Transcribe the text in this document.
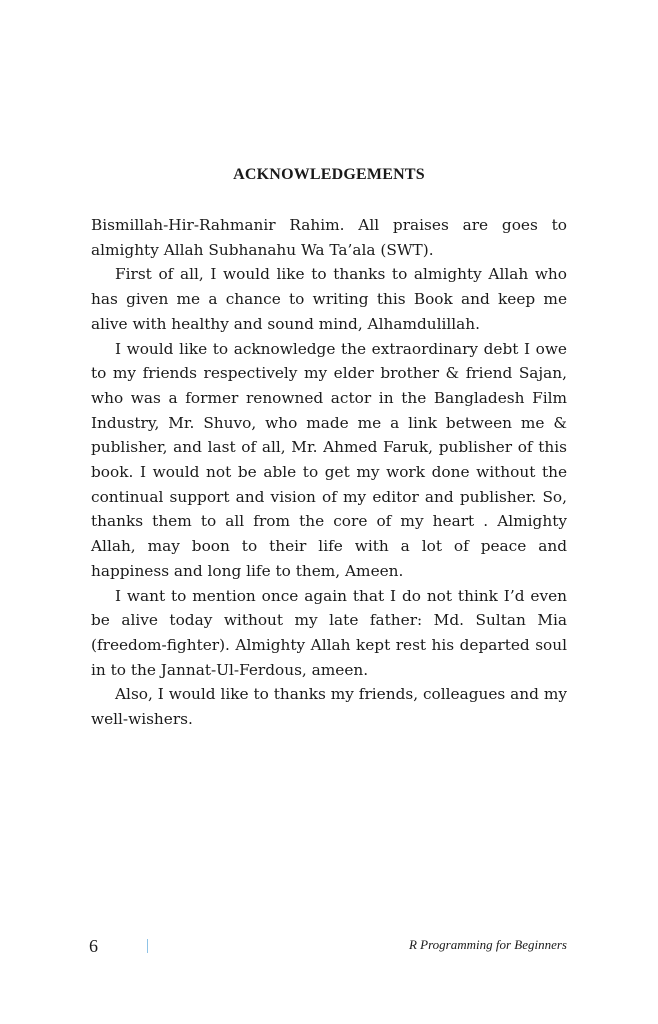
ACKNOWLEDGEMENTS

Bismillah-Hir-Rahmanir Rahim. All praises are goes to almighty Allah Subhanahu Wa Ta’ala (SWT).

First of all, I would like to thanks to almighty Allah who has given me a chance to writing this Book and keep me alive with healthy and sound mind, Alhamdulillah.

I would like to acknowledge the extraordinary debt I owe to my friends respectively my elder brother & friend Sajan, who was a former renowned actor in the Bangladesh Film Industry, Mr. Shuvo, who made me a link between me & publisher, and last of all, Mr. Ahmed Faruk, publisher of this book. I would not be able to get my work done without the continual support and vision of my editor and publisher. So, thanks them to all from the core of my heart . Almighty Allah, may boon to their life with a lot of peace and happiness and long life to them, Ameen.

I want to mention once again that I do not think I’d even be alive today without my late father: Md. Sultan Mia (freedom-fighter). Almighty Allah kept rest his departed soul in to the Jannat-Ul-Ferdous, ameen.

Also, I would like to thanks my friends, colleagues and my well-wishers.

6	R Programming for Beginners
